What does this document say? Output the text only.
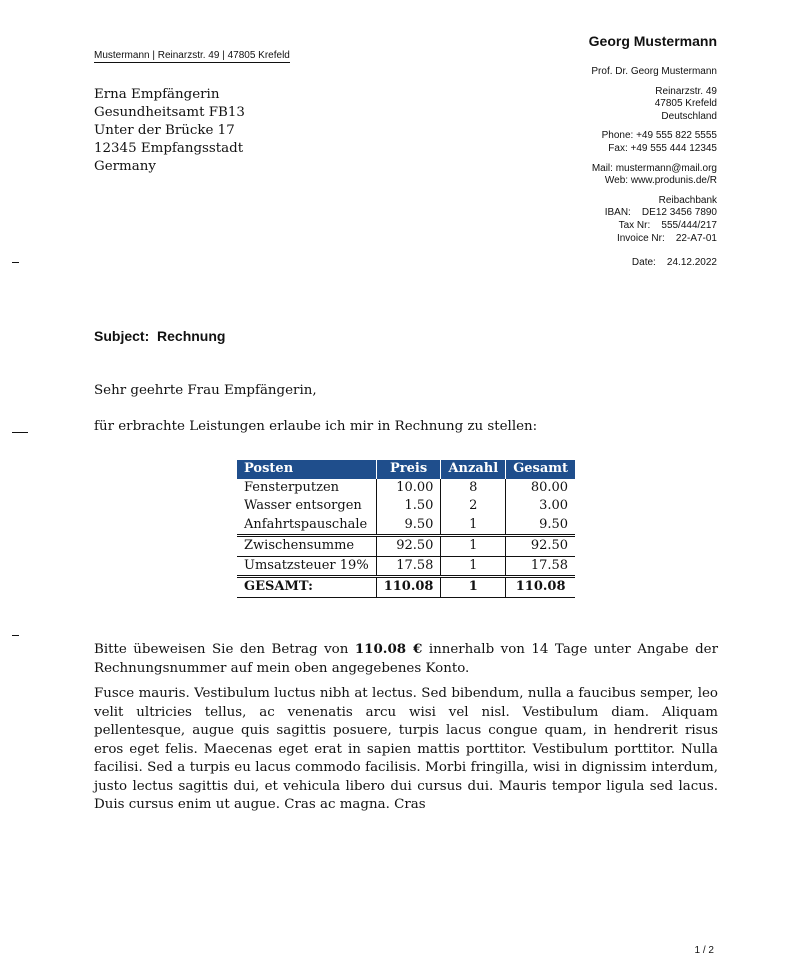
Georg Mustermann
Mustermann | Reinarzstr. 49 | 47805 Krefeld
Prof. Dr. Georg Mustermann
Reinarzstr. 49
47805 Krefeld
Deutschland
Phone: +49 555 822 5555
Fax: +49 555 444 12345
Mail: mustermann@mail.org
Web: www.produnis.de/R
Reibachbank
IBAN:    DE12 3456 7890
Tax Nr:    555/444/217
Invoice Nr:    22-A7-01
Date:    24.12.2022
Erna Empfängerin
Gesundheitsamt FB13
Unter der Brücke 17
12345 Empfangsstadt
Germany
Subject:  Rechnung
Sehr geehrte Frau Empfängerin,
für erbrachte Leistungen erlaube ich mir in Rechnung zu stellen:
Posten	Preis	Anzahl	Gesamt
Fensterputzen	10.00	8	80.00
Wasser entsorgen	1.50	2	3.00
Anfahrtspauschale	9.50	1	9.50
Zwischensumme	92.50	1	92.50
Umsatzsteuer 19%	17.58	1	17.58
GESAMT:	110.08	1	110.08
Bitte übeweisen Sie den Betrag von 110.08 € innerhalb von 14 Tage unter Angabe der Rechnungsnummer auf mein oben angegebenes Konto.
Fusce mauris. Vestibulum luctus nibh at lectus. Sed bibendum, nulla a faucibus semper, leo velit ultricies tellus, ac venenatis arcu wisi vel nisl. Vestibulum diam. Aliquam pellentesque, augue quis sagittis posuere, turpis lacus congue quam, in hendrerit risus eros eget felis. Maecenas eget erat in sapien mattis porttitor. Vestibulum porttitor. Nulla facilisi. Sed a turpis eu lacus commodo facilisis. Morbi fringilla, wisi in dignissim interdum, justo lectus sagittis dui, et vehicula libero dui cursus dui. Mauris tempor ligula sed lacus. Duis cursus enim ut augue. Cras ac magna. Cras
1 / 2
